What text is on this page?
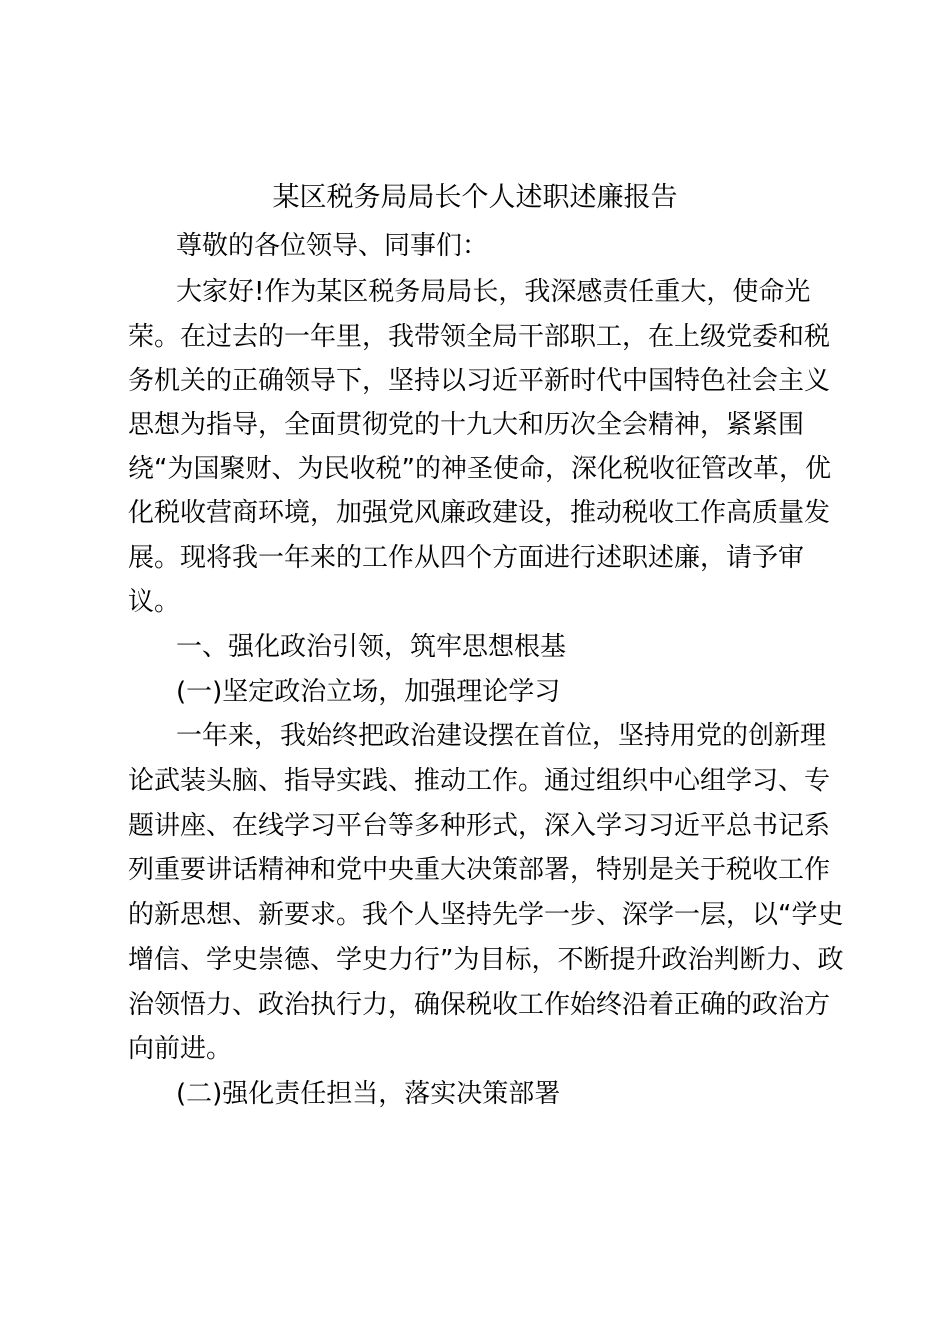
某区税务局局长个人述职述廉报告
尊敬的各位领导、同事们：
大家好!作为某区税务局局长，我深感责任重大，使命光
荣。在过去的一年里，我带领全局干部职工，在上级党委和税
务机关的正确领导下，坚持以习近平新时代中国特色社会主义
思想为指导，全面贯彻党的十九大和历次全会精神，紧紧围
绕“为国聚财、为民收税”的神圣使命，深化税收征管改革，优
化税收营商环境，加强党风廉政建设，推动税收工作高质量发
展。现将我一年来的工作从四个方面进行述职述廉，请予审
议。
一、强化政治引领，筑牢思想根基
(一)坚定政治立场，加强理论学习
一年来，我始终把政治建设摆在首位，坚持用党的创新理
论武装头脑、指导实践、推动工作。通过组织中心组学习、专
题讲座、在线学习平台等多种形式，深入学习习近平总书记系
列重要讲话精神和党中央重大决策部署，特别是关于税收工作
的新思想、新要求。我个人坚持先学一步、深学一层，以“学史
增信、学史崇德、学史力行”为目标，不断提升政治判断力、政
治领悟力、政治执行力，确保税收工作始终沿着正确的政治方
向前进。
(二)强化责任担当，落实决策部署
